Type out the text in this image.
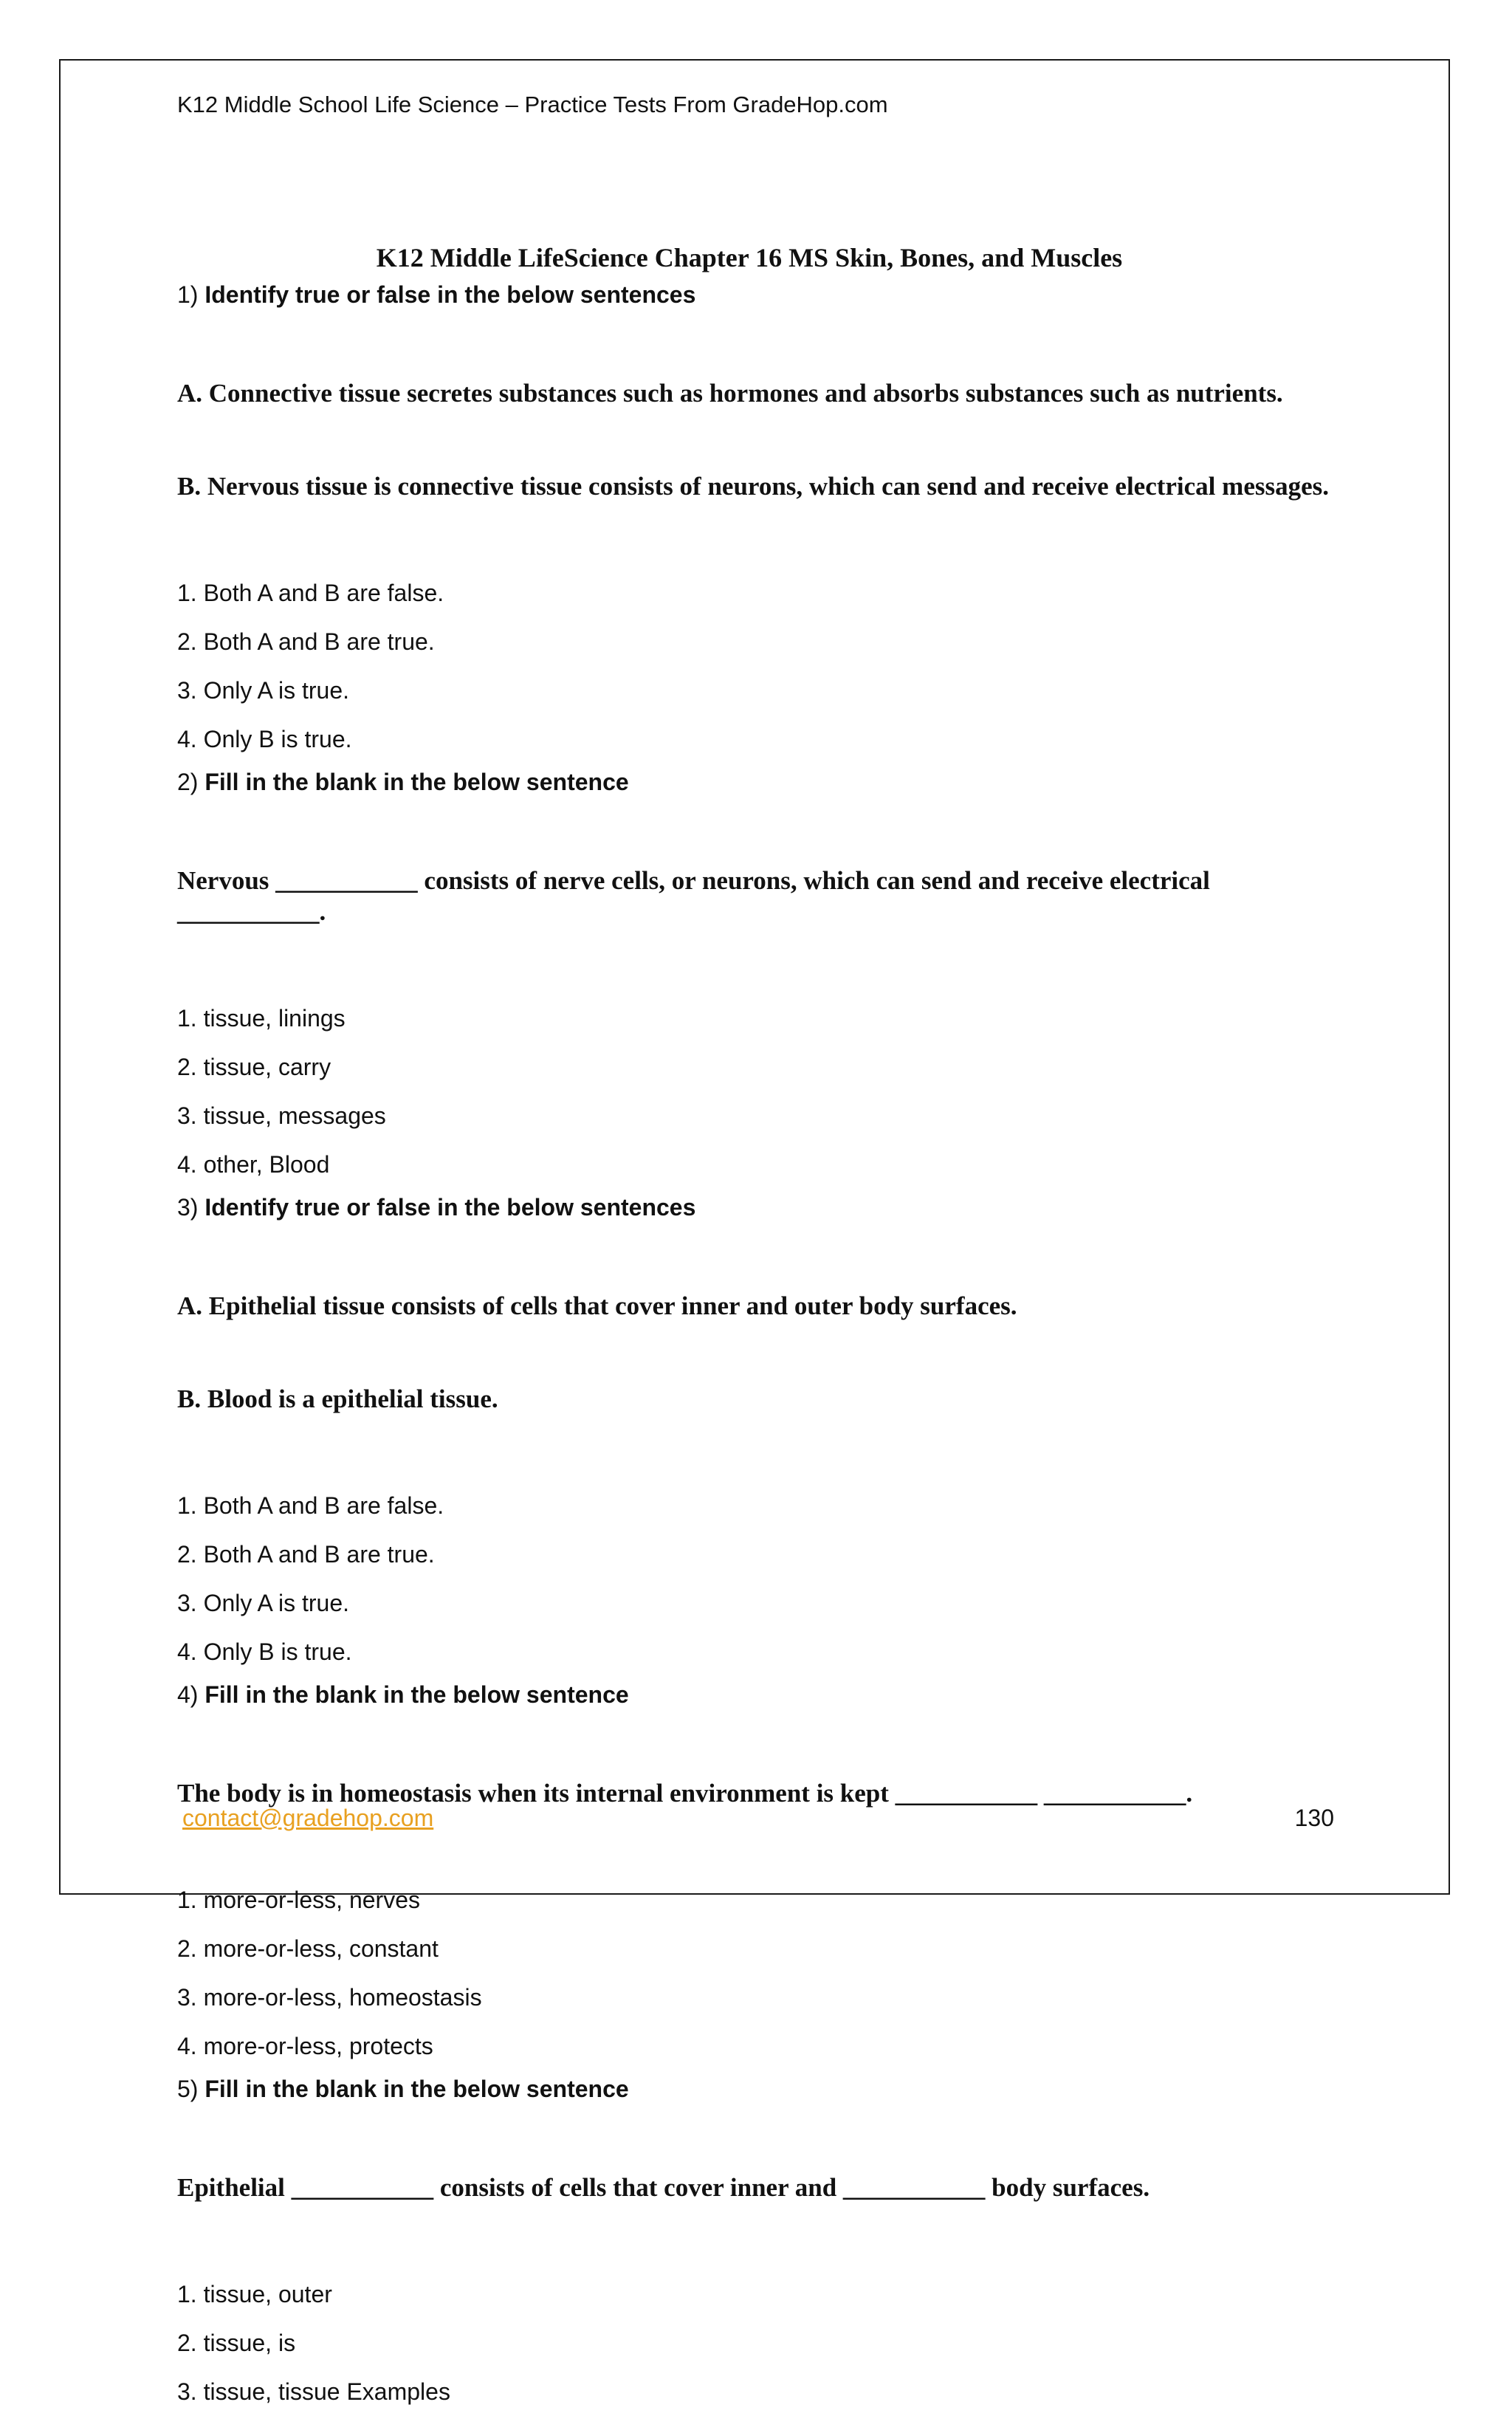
K12 Middle School Life Science – Practice Tests From GradeHop.com

K12 Middle LifeScience Chapter 16 MS Skin, Bones, and Muscles

1) Identify true or false in the below sentences

A. Connective tissue secretes substances such as hormones and absorbs substances such as nutrients.

B. Nervous tissue is connective tissue consists of neurons, which can send and receive electrical messages.

1. Both A and B are false.
2. Both A and B are true.
3. Only A is true.
4. Only B is true.

2) Fill in the blank in the below sentence

Nervous ___________ consists of nerve cells, or neurons, which can send and receive electrical ___________.

1. tissue, linings
2. tissue, carry
3. tissue, messages
4. other, Blood

3) Identify true or false in the below sentences

A. Epithelial tissue consists of cells that cover inner and outer body surfaces.

B. Blood is a epithelial tissue.

1. Both A and B are false.
2. Both A and B are true.
3. Only A is true.
4. Only B is true.

4) Fill in the blank in the below sentence

The body is in homeostasis when its internal environment is kept ___________ ___________.

1. more-or-less, nerves
2. more-or-less, constant
3. more-or-less, homeostasis
4. more-or-less, protects

5) Fill in the blank in the below sentence

Epithelial ___________ consists of cells that cover inner and ___________ body surfaces.

1. tissue, outer
2. tissue, is
3. tissue, tissue Examples
contact@gradehop.com	130
